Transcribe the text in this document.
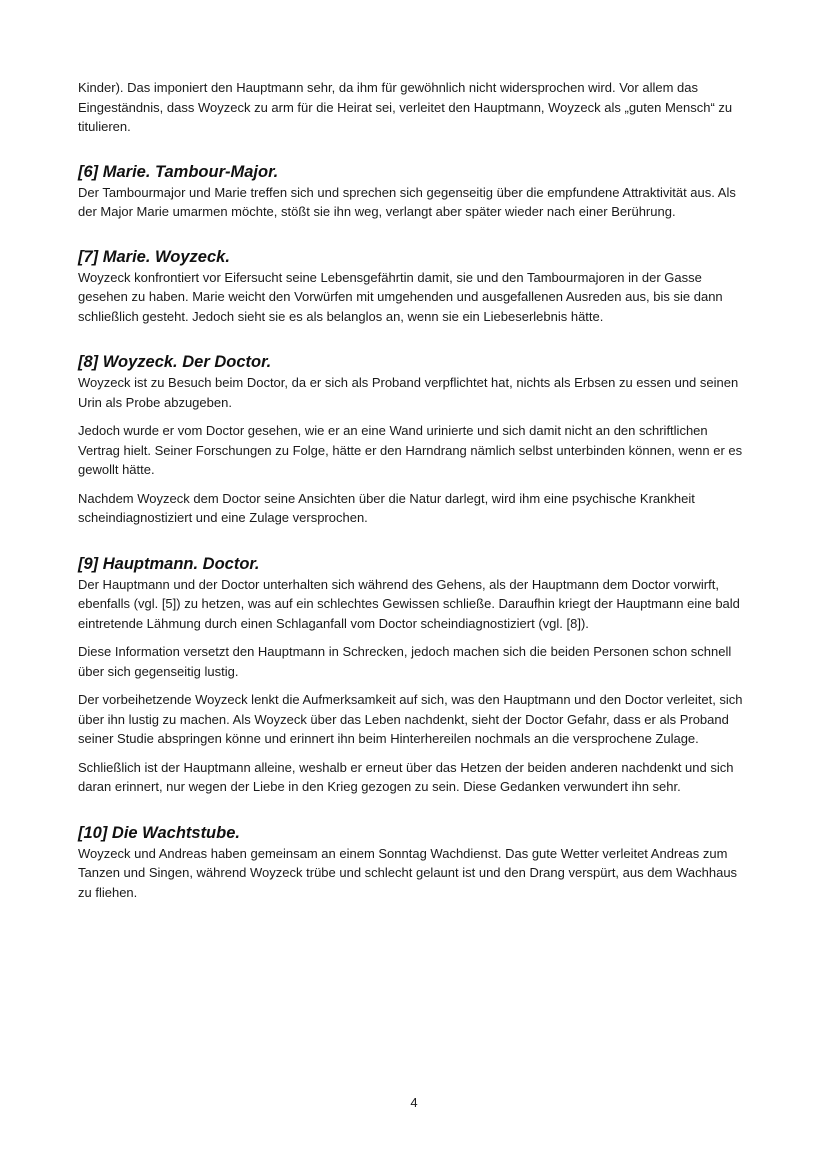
Kinder). Das imponiert den Hauptmann sehr, da ihm für gewöhnlich nicht widersprochen wird. Vor allem das Eingeständnis, dass Woyzeck zu arm für die Heirat sei, verleitet den Hauptmann, Woyzeck als „guten Mensch“ zu titulieren.

[6] Marie. Tambour-Major.

Der Tambourmajor und Marie treffen sich und sprechen sich gegenseitig über die empfundene Attraktivität aus. Als der Major Marie umarmen möchte, stößt sie ihn weg, verlangt aber später wieder nach einer Berührung.

[7] Marie. Woyzeck.

Woyzeck konfrontiert vor Eifersucht seine Lebensgefährtin damit, sie und den Tambourmajoren in der Gasse gesehen zu haben. Marie weicht den Vorwürfen mit umgehenden und ausgefallenen Ausreden aus, bis sie dann schließlich gesteht. Jedoch sieht sie es als belanglos an, wenn sie ein Liebeserlebnis hätte.

[8] Woyzeck. Der Doctor.

Woyzeck ist zu Besuch beim Doctor, da er sich als Proband verpflichtet hat, nichts als Erbsen zu essen und seinen Urin als Probe abzugeben.

Jedoch wurde er vom Doctor gesehen, wie er an eine Wand urinierte und sich damit nicht an den schriftlichen Vertrag hielt. Seiner Forschungen zu Folge, hätte er den Harndrang nämlich selbst unterbinden können, wenn er es gewollt hätte.

Nachdem Woyzeck dem Doctor seine Ansichten über die Natur darlegt, wird ihm eine psychische Krankheit scheindiagnostiziert und eine Zulage versprochen.

[9] Hauptmann. Doctor.

Der Hauptmann und der Doctor unterhalten sich während des Gehens, als der Hauptmann dem Doctor vorwirft, ebenfalls (vgl. [5]) zu hetzen, was auf ein schlechtes Gewissen schließe. Daraufhin kriegt der Hauptmann eine bald eintretende Lähmung durch einen Schlaganfall vom Doctor scheindiagnostiziert (vgl. [8]).

Diese Information versetzt den Hauptmann in Schrecken, jedoch machen sich die beiden Personen schon schnell über sich gegenseitig lustig.

Der vorbeihetzende Woyzeck lenkt die Aufmerksamkeit auf sich, was den Hauptmann und den Doctor verleitet, sich über ihn lustig zu machen. Als Woyzeck über das Leben nachdenkt, sieht der Doctor Gefahr, dass er als Proband seiner Studie abspringen könne und erinnert ihn beim Hinterhereilen nochmals an die versprochene Zulage.

Schließlich ist der Hauptmann alleine, weshalb er erneut über das Hetzen der beiden anderen nachdenkt und sich daran erinnert, nur wegen der Liebe in den Krieg gezogen zu sein. Diese Gedanken verwundert ihn sehr.

[10] Die Wachtstube.

Woyzeck und Andreas haben gemeinsam an einem Sonntag Wachdienst. Das gute Wetter verleitet Andreas zum Tanzen und Singen, während Woyzeck trübe und schlecht gelaunt ist und den Drang verspürt, aus dem Wachhaus zu fliehen.

4
